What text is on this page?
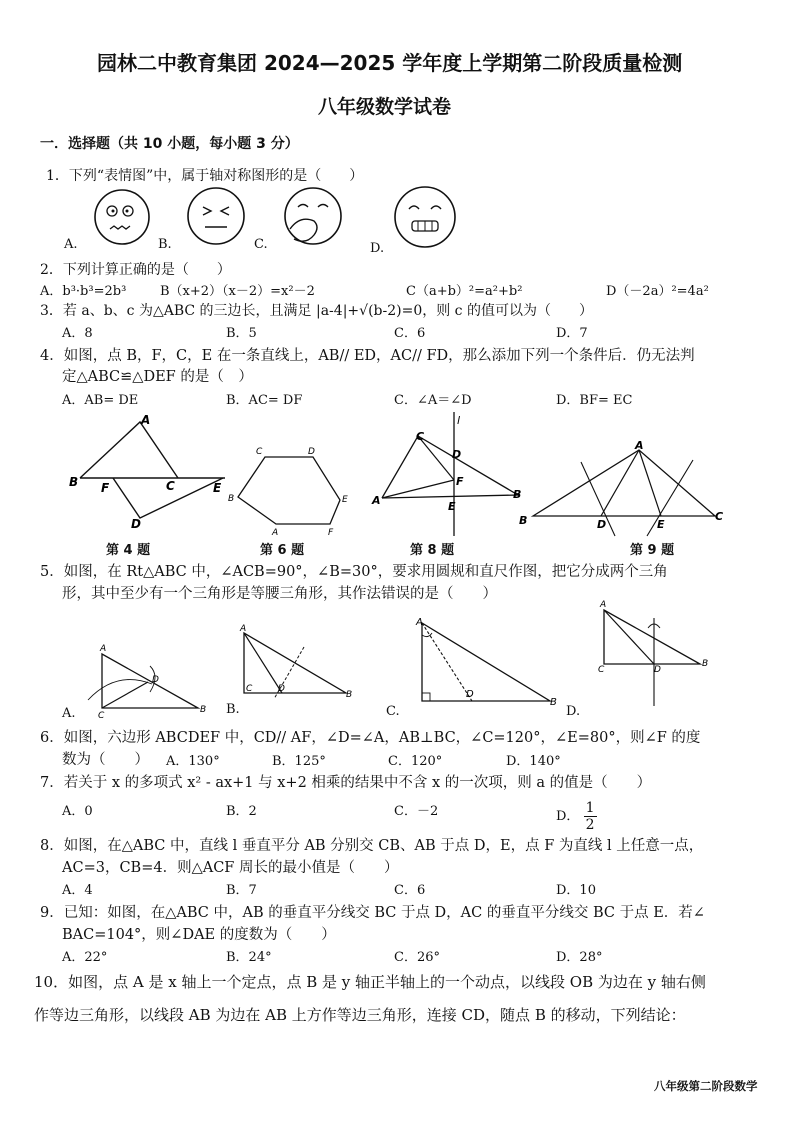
园林二中教育集团 2024—2025 学年度上学期第二阶段质量检测
八年级数学试卷
一．选择题（共 10 小题，每小题 3 分）
1．下列“表情图”中，属于轴对称图形的是（　　）
A.	B.	C.	D.
2．下列计算正确的是（　　）
A．b³·b³=2b³	B（x+2）（x－2）=x²－2	C（a+b）²=a²+b²	D（－2a）²=4a²
3．若 a、b、c 为△ABC 的三边长，且满足 |a-4|+√(b-2)=0，则 c 的值可以为（　　）
A．8	B．5	C．6	D．7
4．如图，点 B，F，C，E 在一条直线上，AB// ED，AC// FD，那么添加下列一个条件后．仍无法判
定△ABC≌△DEF 的是（　）
A．AB= DE	B．AC= DF	C．∠A＝∠D	D．BF= EC
A
B F	C	E
D
C	D
B	E
A	F
l
C
D
F
A	E
B
A
B	D	E
C
第 4 题	第 6 题	第 8 题	第 9 题
5．如图，在 Rt△ABC 中，∠ACB=90°，∠B=30°，要求用圆规和直尺作图，把它分成两个三角
形，其中至少有一个三角形是等腰三角形，其作法错误的是（　　）
A
C
D
B
A.
A
C	D
B
B.
A
D
B
C.
A
C	D
B
D.
6．如图，六边形 ABCDEF 中，CD// AF，∠D=∠A，AB⊥BC，∠C=120°，∠E=80°，则∠F 的度
数为（　　） A．130°	B．125°	C．120°	D．140°
7．若关于 x 的多项式 x² - ax+1 与 x+2 相乘的结果中不含 x 的一次项，则 a 的值是（　　）
A．0	B．2	C．－2	D． $\frac{1}{2}$
8．如图，在△ABC 中，直线 l 垂直平分 AB 分别交 CB、AB 于点 D，E，点 F 为直线 l 上任意一点，
AC=3，CB=4．则△ACF 周长的最小值是（　　）
A．4	B．7	C．6	D．10
9．已知：如图，在△ABC 中，AB 的垂直平分线交 BC 于点 D，AC 的垂直平分线交 BC 于点 E．若∠
BAC=104°，则∠DAE 的度数为（　　）
A．22°	B．24°	C．26°	D．28°
10．如图，点 A 是 x 轴上一个定点，点 B 是 y 轴正半轴上的一个动点，以线段 OB 为边在 y 轴右侧
作等边三角形，以线段 AB 为边在 AB 上方作等边三角形，连接 CD，随点 B 的移动，下列结论：
八年级第二阶段数学
